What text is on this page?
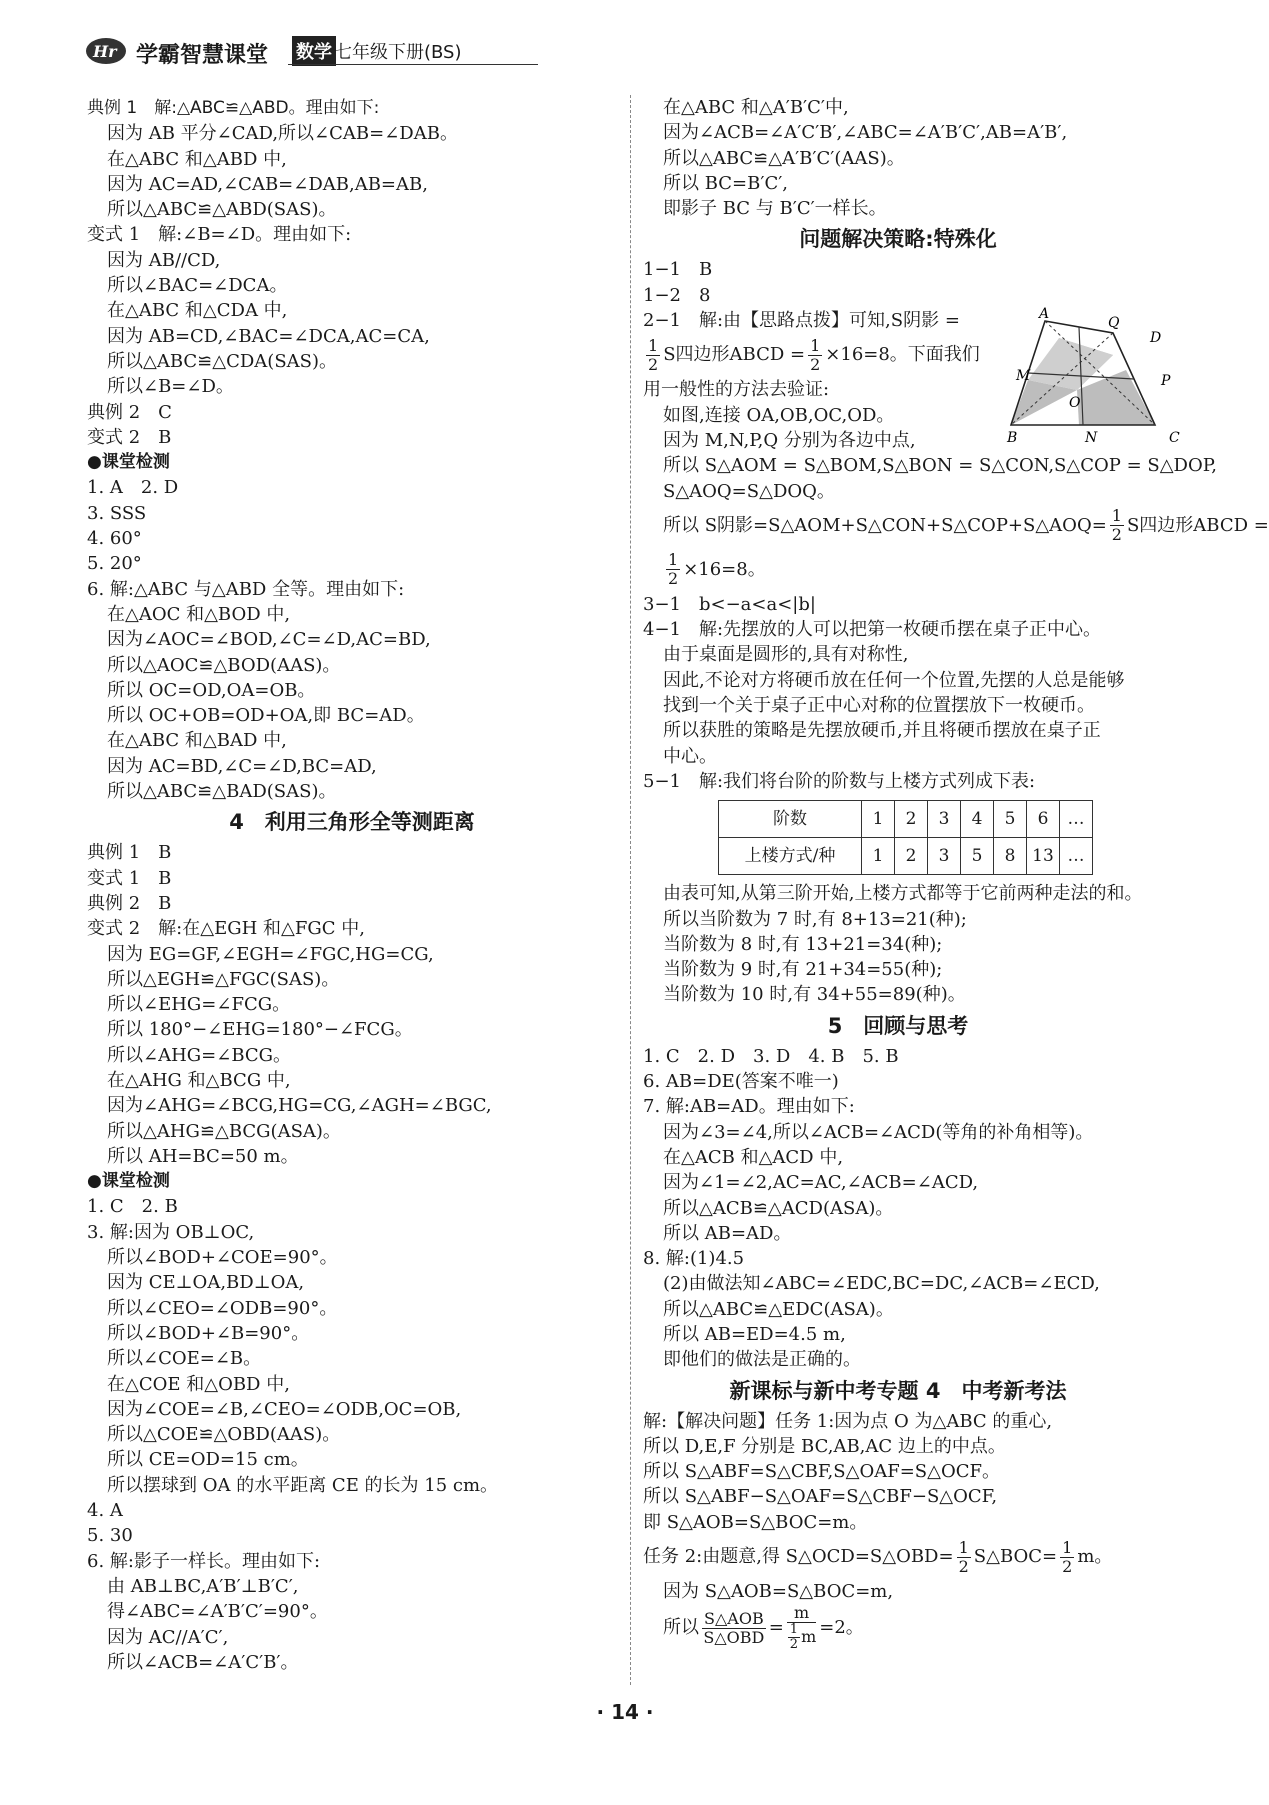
Hr 学霸智慧课堂 数学 七年级下册(BS)
典例 1　解:△ABC≌△ABD。理由如下:
因为 AB 平分∠CAD,所以∠CAB=∠DAB。
在△ABC 和△ABD 中,
因为 AC=AD,∠CAB=∠DAB,AB=AB,
所以△ABC≌△ABD(SAS)。
变式 1　解:∠B=∠D。理由如下:
因为 AB//CD,
所以∠BAC=∠DCA。
在△ABC 和△CDA 中,
因为 AB=CD,∠BAC=∠DCA,AC=CA,
所以△ABC≌△CDA(SAS)。
所以∠B=∠D。
典例 2　C
变式 2　B
●课堂检测
1. A　2. D
3. SSS
4. 60°
5. 20°
6. 解:△ABC 与△ABD 全等。理由如下:
在△AOC 和△BOD 中,
因为∠AOC=∠BOD,∠C=∠D,AC=BD,
所以△AOC≌△BOD(AAS)。
所以 OC=OD,OA=OB。
所以 OC+OB=OD+OA,即 BC=AD。
在△ABC 和△BAD 中,
因为 AC=BD,∠C=∠D,BC=AD,
所以△ABC≌△BAD(SAS)。
4　利用三角形全等测距离
典例 1　B
变式 1　B
典例 2　B
变式 2　解:在△EGH 和△FGC 中,
因为 EG=GF,∠EGH=∠FGC,HG=CG,
所以△EGH≌△FGC(SAS)。
所以∠EHG=∠FCG。
所以 180°−∠EHG=180°−∠FCG。
所以∠AHG=∠BCG。
在△AHG 和△BCG 中,
因为∠AHG=∠BCG,HG=CG,∠AGH=∠BGC,
所以△AHG≌△BCG(ASA)。
所以 AH=BC=50 m。
●课堂检测
1. C　2. B
3. 解:因为 OB⊥OC,
所以∠BOD+∠COE=90°。
因为 CE⊥OA,BD⊥OA,
所以∠CEO=∠ODB=90°。
所以∠BOD+∠B=90°。
所以∠COE=∠B。
在△COE 和△OBD 中,
因为∠COE=∠B,∠CEO=∠ODB,OC=OB,
所以△COE≌△OBD(AAS)。
所以 CE=OD=15 cm。
所以摆球到 OA 的水平距离 CE 的长为 15 cm。
4. A
5. 30
6. 解:影子一样长。理由如下:
由 AB⊥BC,A′B′⊥B′C′,
得∠ABC=∠A′B′C′=90°。
因为 AC//A′C′,
所以∠ACB=∠A′C′B′。
在△ABC 和△A′B′C′中,
因为∠ACB=∠A′C′B′,∠ABC=∠A′B′C′,AB=A′B′,
所以△ABC≌△A′B′C′(AAS)。
所以 BC=B′C′,
即影子 BC 与 B′C′一样长。
问题解决策略:特殊化
1−1　B
1−2　8
2−1　解:由【思路点拨】可知,S阴影 =
$\frac{1}{2}$ S四边形ABCD = $\frac{1}{2} \times 16=8$。下面我们
用一般性的方法去验证:
如图,连接 OA,OB,OC,OD。
因为 M,N,P,Q 分别为各边中点,
所以 S△AOM = S△BOM,S△BON = S△CON,S△COP = S△DOP,
S△AOQ=S△DOQ。
所以 S阴影=S△AOM+S△CON+S△COP+S△AOQ= $\frac{1}{2}$ S四边形ABCD =
$\frac{1}{2} \times 16=8$。
3−1　b<−a<a<|b|
4−1　解:先摆放的人可以把第一枚硬币摆在桌子正中心。
由于桌面是圆形的,具有对称性,
因此,不论对方将硬币放在任何一个位置,先摆的人总是能够
找到一个关于桌子正中心对称的位置摆放下一枚硬币。
所以获胜的策略是先摆放硬币,并且将硬币摆放在桌子正
中心。
5−1　解:我们将台阶的阶数与上楼方式列成下表:
阶数	1	2	3	4	5	6	…
上楼方式/种	1	2	3	5	8	13	…
由表可知,从第三阶开始,上楼方式都等于它前两种走法的和。
所以当阶数为 7 时,有 8+13=21(种);
当阶数为 8 时,有 13+21=34(种);
当阶数为 9 时,有 21+34=55(种);
当阶数为 10 时,有 34+55=89(种)。
5　回顾与思考
1. C　2. D　3. D　4. B　5. B
6. AB=DE(答案不唯一)
7. 解:AB=AD。理由如下:
因为∠3=∠4,所以∠ACB=∠ACD(等角的补角相等)。
在△ACB 和△ACD 中,
因为∠1=∠2,AC=AC,∠ACB=∠ACD,
所以△ACB≌△ACD(ASA)。
所以 AB=AD。
8. 解:(1)4.5
(2)由做法知∠ABC=∠EDC,BC=DC,∠ACB=∠ECD,
所以△ABC≌△EDC(ASA)。
所以 AB=ED=4.5 m,
即他们的做法是正确的。
新课标与新中考专题 4　中考新考法
解:【解决问题】任务 1:因为点 O 为△ABC 的重心,
所以 D,E,F 分别是 BC,AB,AC 边上的中点。
所以 S△ABF=S△CBF,S△OAF=S△OCF。
所以 S△ABF−S△OAF=S△CBF−S△OCF,
即 S△AOB=S△BOC=m。
任务 2:由题意,得 S△OCD=S△OBD= $\frac{1}{2}$ S△BOC= $\frac{1}{2}$ m。
因为 S△AOB=S△BOC=m,
所以 $\frac{\text{S△AOB}}{\text{S△OBD}} = \frac{m}{\frac{1}{2} m} =2$。
A
Q
D
M
O
P
B	N	C
· 14 ·
